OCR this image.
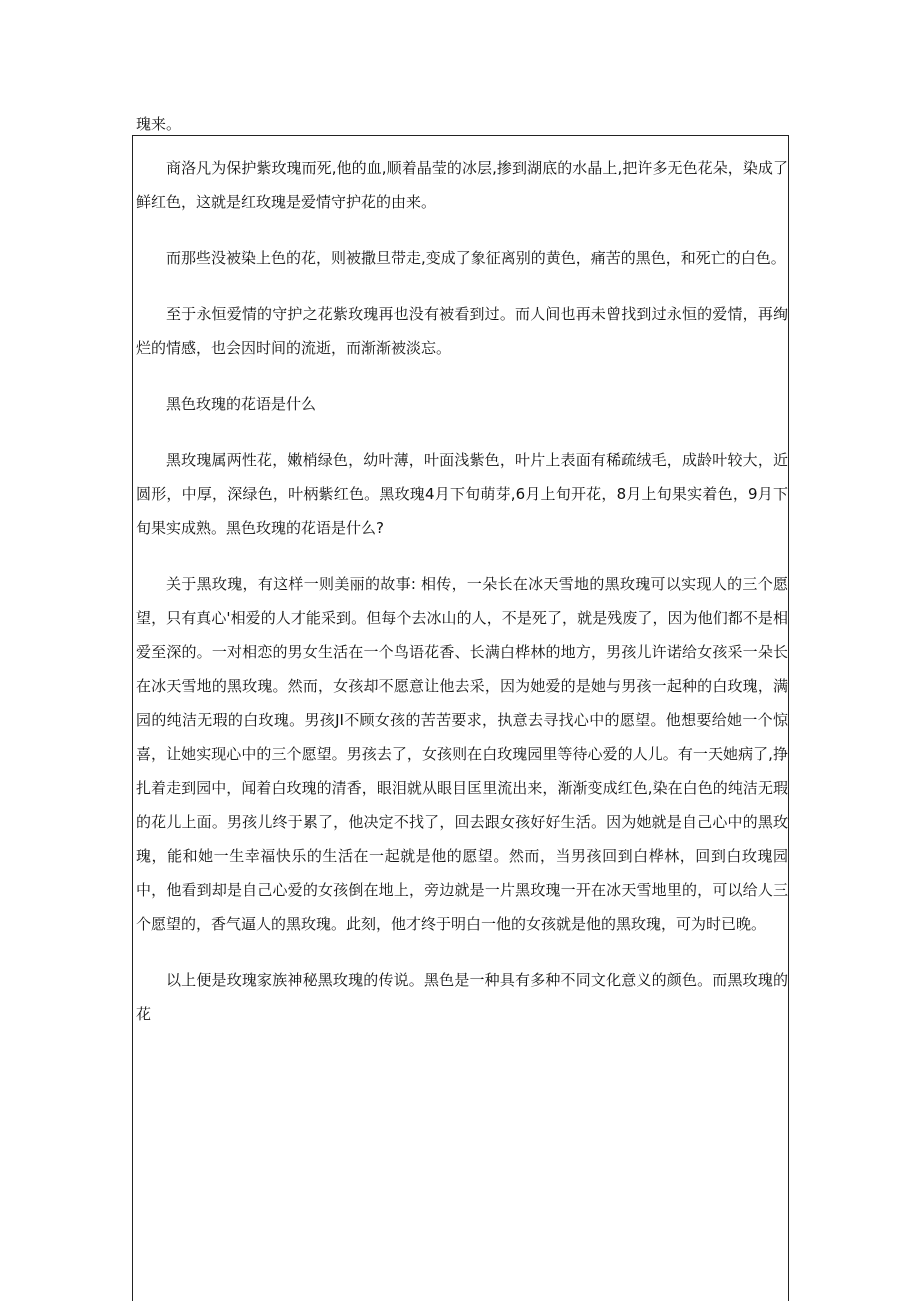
瑰来。

商洛凡为保护紫玫瑰而死,他的血,顺着晶莹的冰层,掺到湖底的水晶上,把许多无色花朵，染成了鲜红色，这就是红玫瑰是爱情守护花的由来。

而那些没被染上色的花，则被撒旦带走,变成了象征离别的黄色，痛苦的黑色，和死亡的白色。

至于永恒爱情的守护之花紫玫瑰再也没有被看到过。而人间也再未曾找到过永恒的爱情，再绚烂的情感，也会因时间的流逝，而渐渐被淡忘。

黑色玫瑰的花语是什么

黑玫瑰属两性花，嫩梢绿色，幼叶薄，叶面浅紫色，叶片上表面有稀疏绒毛，成龄叶较大，近圆形，中厚，深绿色，叶柄紫红色。黑玫瑰4月下旬萌芽,6月上旬开花，8月上旬果实着色，9月下旬果实成熟。黑色玫瑰的花语是什么?

关于黑玫瑰，有这样一则美丽的故事: 相传，一朵长在冰天雪地的黑玫瑰可以实现人的三个愿望，只有真心'相爱的人才能采到。但每个去冰山的人，不是死了，就是残废了，因为他们都不是相爱至深的。一对相恋的男女生活在一个鸟语花香、长满白桦林的地方，男孩儿许诺给女孩采一朵长在冰天雪地的黑玫瑰。然而，女孩却不愿意让他去采，因为她爱的是她与男孩一起种的白玫瑰，满园的纯洁无瑕的白玫瑰。男孩JI不顾女孩的苦苦要求，执意去寻找心中的愿望。他想要给她一个惊喜，让她实现心中的三个愿望。男孩去了，女孩则在白玫瑰园里等待心爱的人儿。有一天她病了,挣扎着走到园中，闻着白玫瑰的清香，眼泪就从眼目匡里流出来，渐渐变成红色,染在白色的纯洁无瑕的花儿上面。男孩儿终于累了，他决定不找了，回去跟女孩好好生活。因为她就是自己心中的黑玫瑰，能和她一生幸福快乐的生活在一起就是他的愿望。然而，当男孩回到白桦林，回到白玫瑰园中，他看到却是自己心爱的女孩倒在地上，旁边就是一片黑玫瑰一开在冰天雪地里的，可以给人三个愿望的，香气逼人的黑玫瑰。此刻，他才终于明白一他的女孩就是他的黑玫瑰，可为时已晚。

以上便是玫瑰家族神秘黑玫瑰的传说。黑色是一种具有多种不同文化意义的颜色。而黑玫瑰的花
